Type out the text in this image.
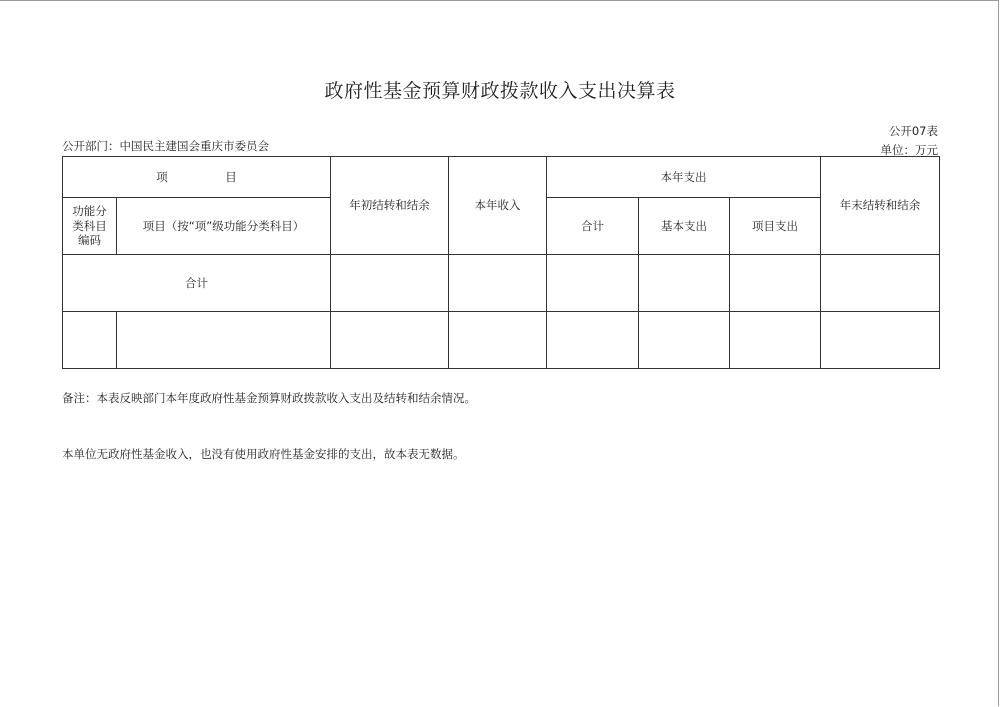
政府性基金预算财政拨款收入支出决算表
公开部门：中国民主建国会重庆市委员会
公开07表
单位：万元
项　　　　　目		年初结转和结余	本年收入	本年支出			年末结转和结余
功能分类科目编码	项目（按“项”级功能分类科目）			合计	基本支出	项目支出	
合计							

备注：本表反映部门本年度政府性基金预算财政拨款收入支出及结转和结余情况。
本单位无政府性基金收入，也没有使用政府性基金安排的支出，故本表无数据。
